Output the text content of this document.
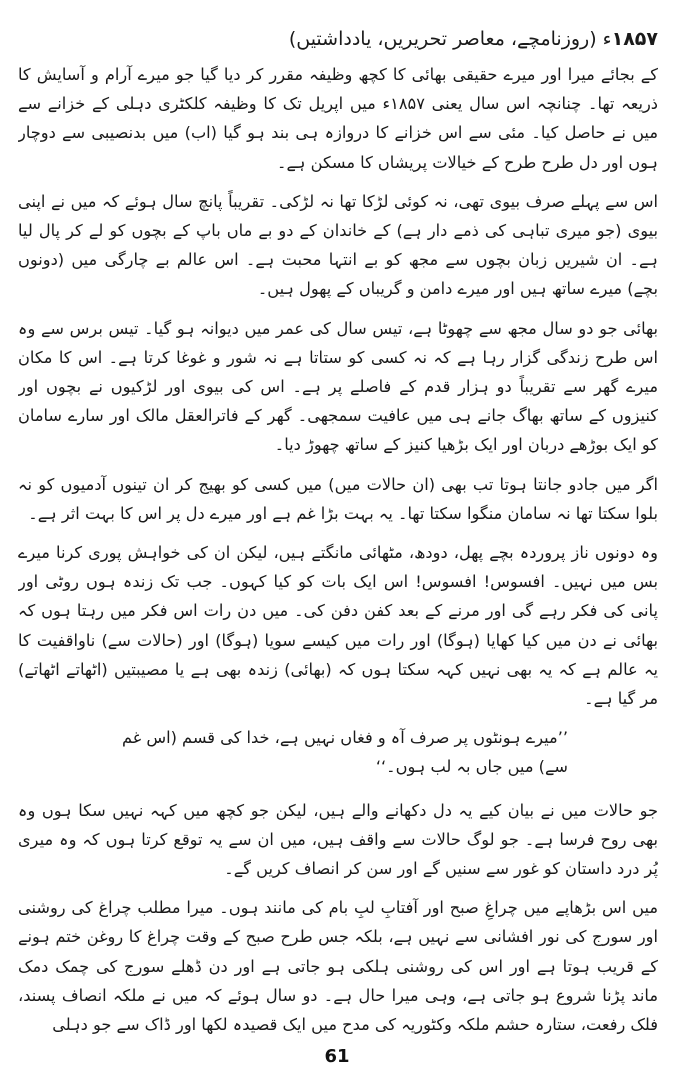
۱۸۵۷ء (روزنامچے، معاصر تحریریں، یادداشتیں)

کے بجائے میرا اور میرے حقیقی بھائی کا کچھ وظیفہ مقرر کر دیا گیا جو میرے آرام و آسایش کا ذریعہ تھا۔ چنانچہ اس سال یعنی ۱۸۵۷ء میں اپریل تک کا وظیفہ کلکٹری دہلی کے خزانے سے میں نے حاصل کیا۔ مئی سے اس خزانے کا دروازہ ہی بند ہو گیا (اب) میں بدنصیبی سے دوچار ہوں اور دل طرح طرح کے خیالات پریشاں کا مسکن ہے۔

اس سے پہلے صرف بیوی تھی، نہ کوئی لڑکا تھا نہ لڑکی۔ تقریباً پانچ سال ہوئے کہ میں نے اپنی بیوی (جو میری تباہی کی ذمے دار ہے) کے خاندان کے دو بے ماں باپ کے بچوں کو لے کر پال لیا ہے۔ ان شیریں زبان بچوں سے مجھ کو بے انتہا محبت ہے۔ اس عالم بے چارگی میں (دونوں بچے) میرے ساتھ ہیں اور میرے دامن و گریباں کے پھول ہیں۔

بھائی جو دو سال مجھ سے چھوٹا ہے، تیس سال کی عمر میں دیوانہ ہو گیا۔ تیس برس سے وہ اس طرح زندگی گزار رہا ہے کہ نہ کسی کو ستاتا ہے نہ شور و غوغا کرتا ہے۔ اس کا مکان میرے گھر سے تقریباً دو ہزار قدم کے فاصلے پر ہے۔ اس کی بیوی اور لڑکیوں نے بچوں اور کنیزوں کے ساتھ بھاگ جانے ہی میں عافیت سمجھی۔ گھر کے فاترالعقل مالک اور سارے سامان کو ایک بوڑھے دربان اور ایک بڑھیا کنیز کے ساتھ چھوڑ دیا۔

اگر میں جادو جانتا ہوتا تب بھی (ان حالات میں) میں کسی کو بھیج کر ان تینوں آدمیوں کو نہ بلوا سکتا تھا نہ سامان منگوا سکتا تھا۔ یہ بہت بڑا غم ہے اور میرے دل پر اس کا بہت اثر ہے۔

وہ دونوں ناز پروردہ بچے پھل، دودھ، مٹھائی مانگتے ہیں، لیکن ان کی خواہش پوری کرنا میرے بس میں نہیں۔ افسوس! افسوس! اس ایک بات کو کیا کہوں۔ جب تک زندہ ہوں روٹی اور پانی کی فکر رہے گی اور مرنے کے بعد کفن دفن کی۔ میں دن رات اس فکر میں رہتا ہوں کہ بھائی نے دن میں کیا کھایا (ہوگا) اور رات میں کیسے سویا (ہوگا) اور (حالات سے) ناواقفیت کا یہ عالم ہے کہ یہ بھی نہیں کہہ سکتا ہوں کہ (بھائی) زندہ بھی ہے یا مصیبتیں (اٹھاتے اٹھاتے) مر گیا ہے۔

’’میرے ہونٹوں پر صرف آہ و فغاں نہیں ہے، خدا کی قسم (اس غم سے) میں جاں بہ لب ہوں۔‘‘

جو حالات میں نے بیان کیے یہ دل دکھانے والے ہیں، لیکن جو کچھ میں کہہ نہیں سکا ہوں وہ بھی روح فرسا ہے۔ جو لوگ حالات سے واقف ہیں، میں ان سے یہ توقع کرتا ہوں کہ وہ میری پُر درد داستان کو غور سے سنیں گے اور سن کر انصاف کریں گے۔

میں اس بڑھاپے میں چراغِ صبح اور آفتابِ لبِ بام کی مانند ہوں۔ میرا مطلب چراغ کی روشنی اور سورج کی نور افشانی سے نہیں ہے، بلکہ جس طرح صبح کے وقت چراغ کا روغن ختم ہونے کے قریب ہوتا ہے اور اس کی روشنی ہلکی ہو جاتی ہے اور دن ڈھلے سورج کی چمک دمک ماند پڑنا شروع ہو جاتی ہے، وہی میرا حال ہے۔ دو سال ہوئے کہ میں نے ملکہ انصاف پسند، فلک رفعت، ستارہ حشم ملکہ وکٹوریہ کی مدح میں ایک قصیدہ لکھا اور ڈاک سے جو دہلی

61
